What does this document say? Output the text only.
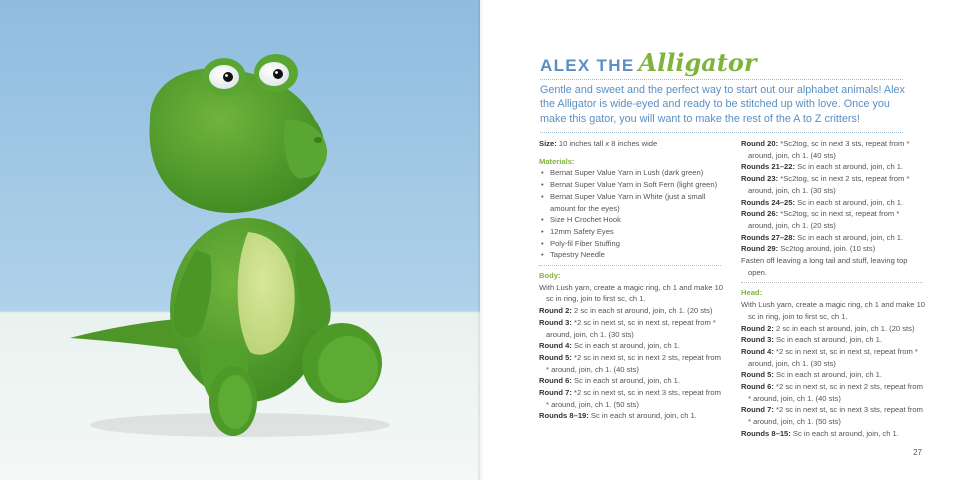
ALEX THE Alligator

Gentle and sweet and the perfect way to start out our alphabet animals! Alex the Alligator is wide-eyed and ready to be stitched up with love. Once you make this gator, you will want to make the rest of the A to Z critters!

Size: 10 inches tall x 8 inches wide

Materials:

• Bernat Super Value Yarn in Lush (dark green)
• Bernat Super Value Yarn in Soft Fern (light green)
• Bernat Super Value Yarn in White (just a small amount for the eyes)
• Size H Crochet Hook
• 12mm Safety Eyes
• Poly-fil Fiber Stuffing
• Tapestry Needle

Body:

With Lush yarn, create a magic ring, ch 1 and make 10 sc in ring, join to first sc, ch 1.

Round 2: 2 sc in each st around, join, ch 1. (20 sts)

Round 3: *2 sc in next st, sc in next st, repeat from * around, join, ch 1. (30 sts)

Round 4: Sc in each st around, join, ch 1.

Round 5: *2 sc in next st, sc in next 2 sts, repeat from * around, join, ch 1. (40 sts)

Round 6: Sc in each st around, join, ch 1.

Round 7: *2 sc in next st, sc in next 3 sts, repeat from * around, join, ch 1. (50 sts)

Rounds 8–19: Sc in each st around, join, ch 1.

Round 20: *Sc2tog, sc in next 3 sts, repeat from * around, join, ch 1. (40 sts)

Rounds 21–22: Sc in each st around, join, ch 1.

Round 23: *Sc2tog, sc in next 2 sts, repeat from * around, join, ch 1. (30 sts)

Rounds 24–25: Sc in each st around, join, ch 1.

Round 26: *Sc2tog, sc in next st, repeat from * around, join, ch 1. (20 sts)

Rounds 27–28: Sc in each st around, join, ch 1.

Round 29: Sc2tog around, join. (10 sts)

Fasten off leaving a long tail and stuff, leaving top open.

Head:

With Lush yarn, create a magic ring, ch 1 and make 10 sc in ring, join to first sc, ch 1.

Round 2: 2 sc in each st around, join, ch 1. (20 sts)

Round 3: Sc in each st around, join, ch 1.

Round 4: *2 sc in next st, sc in next st, repeat from * around, join, ch 1. (30 sts)

Round 5: Sc in each st around, join, ch 1.

Round 6: *2 sc in next st, sc in next 2 sts, repeat from * around, join, ch 1. (40 sts)

Round 7: *2 sc in next st, sc in next 3 sts, repeat from * around, join, ch 1. (50 sts)

Rounds 8–15: Sc in each st around, join, ch 1.

27
